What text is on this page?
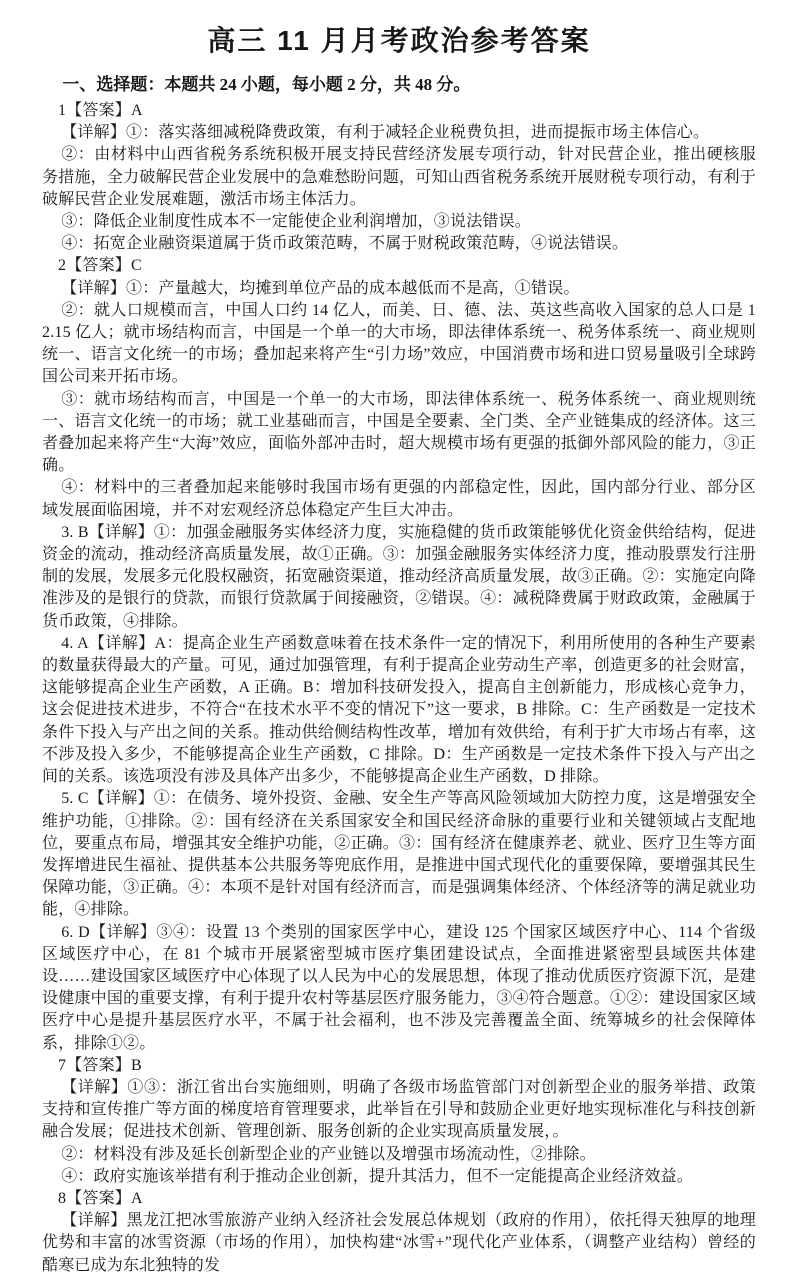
高三 11 月月考政治参考答案

一、选择题：本题共 24 小题，每小题 2 分，共 48 分。

1【答案】A

【详解】①：落实落细减税降费政策，有利于减轻企业税费负担，进而提振市场主体信心。

②：由材料中山西省税务系统积极开展支持民营经济发展专项行动，针对民营企业，推出硬核服务措施，全力破解民营企业发展中的急难愁盼问题，可知山西省税务系统开展财税专项行动，有利于破解民营企业发展难题，激活市场主体活力。

③：降低企业制度性成本不一定能使企业利润增加，③说法错误。

④：拓宽企业融资渠道属于货币政策范畴，不属于财税政策范畴，④说法错误。

2【答案】C

【详解】①：产量越大，均摊到单位产品的成本越低而不是高，①错误。

②：就人口规模而言，中国人口约 14 亿人，而美、日、德、法、英这些高收入国家的总人口是 12.15 亿人；就市场结构而言，中国是一个单一的大市场，即法律体系统一、税务体系统一、商业规则统一、语言文化统一的市场；叠加起来将产生“引力场”效应，中国消费市场和进口贸易量吸引全球跨国公司来开拓市场。

③：就市场结构而言，中国是一个单一的大市场，即法律体系统一、税务体系统一、商业规则统一、语言文化统一的市场；就工业基础而言，中国是全要素、全门类、全产业链集成的经济体。这三者叠加起来将产生“大海”效应，面临外部冲击时，超大规模市场有更强的抵御外部风险的能力，③正确。

④：材料中的三者叠加起来能够时我国市场有更强的内部稳定性，因此，国内部分行业、部分区域发展面临困境，并不对宏观经济总体稳定产生巨大冲击。

3. B【详解】①：加强金融服务实体经济力度，实施稳健的货币政策能够优化资金供给结构，促进资金的流动，推动经济高质量发展，故①正确。③：加强金融服务实体经济力度，推动股票发行注册制的发展，发展多元化股权融资，拓宽融资渠道，推动经济高质量发展，故③正确。②：实施定向降准涉及的是银行的贷款，而银行贷款属于间接融资，②错误。④：减税降费属于财政政策，金融属于货币政策，④排除。

4. A【详解】A：提高企业生产函数意味着在技术条件一定的情况下，利用所使用的各种生产要素的数量获得最大的产量。可见，通过加强管理，有利于提高企业劳动生产率，创造更多的社会财富，这能够提高企业生产函数，A 正确。B：增加科技研发投入，提高自主创新能力，形成核心竞争力，这会促进技术进步，不符合“在技术水平不变的情况下”这一要求，B 排除。C：生产函数是一定技术条件下投入与产出之间的关系。推动供给侧结构性改革，增加有效供给，有利于扩大市场占有率，这不涉及投入多少，不能够提高企业生产函数，C 排除。D：生产函数是一定技术条件下投入与产出之间的关系。该选项没有涉及具体产出多少，不能够提高企业生产函数，D 排除。

5. C【详解】①：在债务、境外投资、金融、安全生产等高风险领域加大防控力度，这是增强安全维护功能，①排除。②：国有经济在关系国家安全和国民经济命脉的重要行业和关键领域占支配地位，要重点布局，增强其安全维护功能，②正确。③：国有经济在健康养老、就业、医疗卫生等方面发挥增进民生福祉、提供基本公共服务等兜底作用，是推进中国式现代化的重要保障，要增强其民生保障功能，③正确。④：本项不是针对国有经济而言，而是强调集体经济、个体经济等的满足就业功能，④排除。

6. D【详解】③④：设置 13 个类别的国家医学中心，建设 125 个国家区域医疗中心、114 个省级区域医疗中心，在 81 个城市开展紧密型城市医疗集团建设试点，全面推进紧密型县域医共体建设……建设国家区域医疗中心体现了以人民为中心的发展思想，体现了推动优质医疗资源下沉，是建设健康中国的重要支撑，有利于提升农村等基层医疗服务能力，③④符合题意。①②：建设国家区域医疗中心是提升基层医疗水平，不属于社会福利，也不涉及完善覆盖全面、统筹城乡的社会保障体系，排除①②。

7【答案】B

【详解】①③：浙江省出台实施细则，明确了各级市场监管部门对创新型企业的服务举措、政策支持和宣传推广等方面的梯度培育管理要求，此举旨在引导和鼓励企业更好地实现标准化与科技创新融合发展；促进技术创新、管理创新、服务创新的企业实现高质量发展，。

②：材料没有涉及延长创新型企业的产业链以及增强市场流动性，②排除。

④：政府实施该举措有利于推动企业创新，提升其活力，但不一定能提高企业经济效益。

8【答案】A

【详解】黑龙江把冰雪旅游产业纳入经济社会发展总体规划（政府的作用），依托得天独厚的地理优势和丰富的冰雪资源（市场的作用），加快构建“冰雪+”现代化产业体系，（调整产业结构）曾经的酷寒已成为东北独特的发
